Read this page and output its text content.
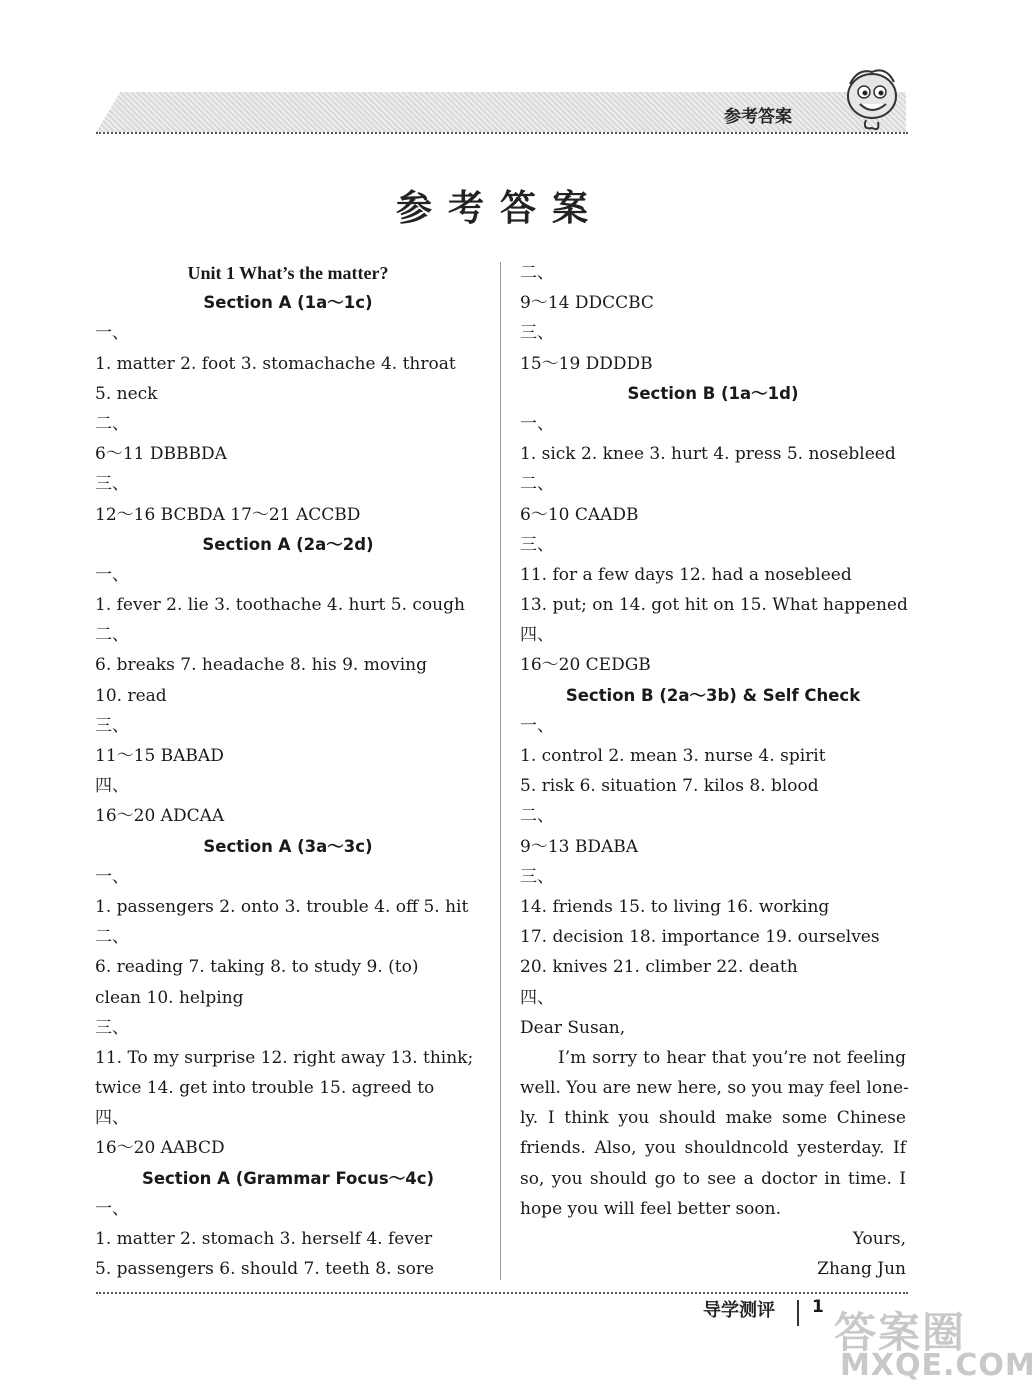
参考答案
参考答案
Unit 1 What’s the matter?
Section A (1a～1c)
一、
1. matter 2. foot 3. stomachache 4. throat
5. neck
二、
6～11 DBBBDA
三、
12～16 BCBDA 17～21 ACCBD
Section A (2a～2d)
一、
1. fever 2. lie 3. toothache 4. hurt 5. cough
二、
6. breaks 7. headache 8. his 9. moving
10. read
三、
11～15 BABAD
四、
16～20 ADCAA
Section A (3a～3c)
一、
1. passengers 2. onto 3. trouble 4. off 5. hit
二、
6. reading 7. taking 8. to study 9. (to)
clean 10. helping
三、
11. To my surprise 12. right away 13. think;
twice 14. get into trouble 15. agreed to
四、
16～20 AABCD
Section A (Grammar Focus～4c)
一、
1. matter 2. stomach 3. herself 4. fever
5. passengers 6. should 7. teeth 8. sore
二、
9～14 DDCCBC
三、
15～19 DDDDB
Section B (1a～1d)
一、
1. sick 2. knee 3. hurt 4. press 5. nosebleed
二、
6～10 CAADB
三、
11. for a few days 12. had a nosebleed
13. put; on 14. got hit on 15. What happened
四、
16～20 CEDGB
Section B (2a～3b) & Self Check
一、
1. control 2. mean 3. nurse 4. spirit
5. risk 6. situation 7. kilos 8. blood
二、
9～13 BDABA
三、
14. friends 15. to living 16. working
17. decision 18. importance 19. ourselves
20. knives 21. climber 22. death
四、
Dear Susan,
I’m sorry to hear that you’re not feeling
well. You are new here, so you may feel lone-
ly. I think you should make some Chinese
friends. Also, you shouldncold yesterday. If
so, you should go to see a doctor in time. I
hope you will feel better soon.
Yours,
Zhang Jun
导学测评 1
答案圈
MXQE.COM
